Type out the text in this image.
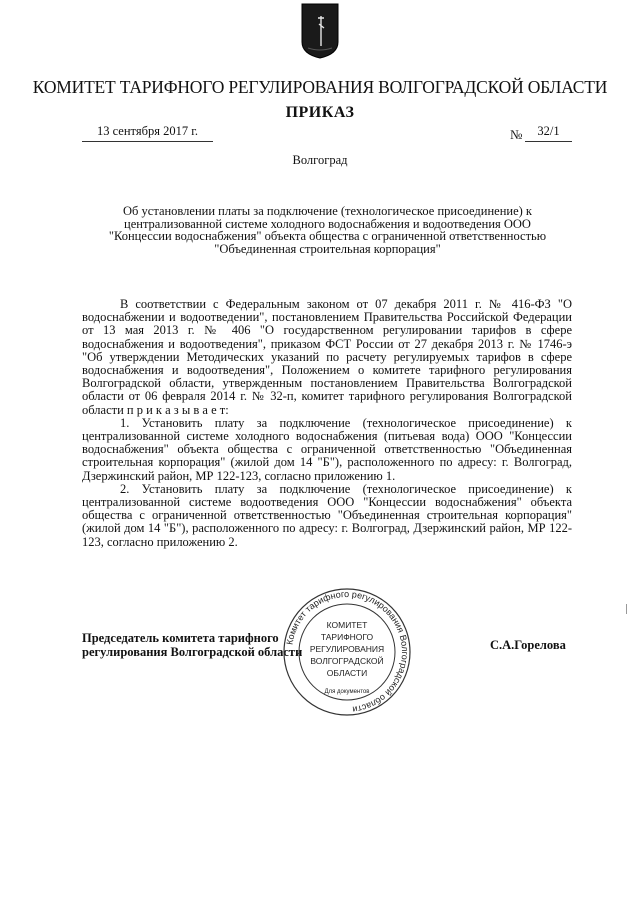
КОМИТЕТ ТАРИФНОГО РЕГУЛИРОВАНИЯ ВОЛГОГРАДСКОЙ ОБЛАСТИ
ПРИКАЗ
13 сентября 2017 г.	№	32/1
Волгоград
Об установлении платы за подключение (технологическое присоединение) к централизованной системе холодного водоснабжения и водоотведения ООО "Концессии водоснабжения" объекта общества с ограниченной ответственностью "Объединенная строительная корпорация"

В соответствии с Федеральным законом от 07 декабря 2011 г. № 416-ФЗ "О водоснабжении и водоотведении", постановлением Правительства Российской Федерации от 13 мая 2013 г. № 406 "О государственном регулировании тарифов в сфере водоснабжения и водоотведения", приказом ФСТ России от 27 декабря 2013 г. № 1746-э "Об утверждении Методических указаний по расчету регулируемых тарифов в сфере водоснабжения и водоотведения", Положением о комитете тарифного регулирования Волгоградской области, утвержденным постановлением Правительства Волгоградской области от 06 февраля 2014 г. № 32-п, комитет тарифного регулирования Волгоградской области п р и к а з ы в а е т:

1. Установить плату за подключение (технологическое присоединение) к централизованной системе холодного водоснабжения (питьевая вода) ООО "Концессии водоснабжения" объекта общества с ограниченной ответственностью "Объединенная строительная корпорация" (жилой дом 14 "Б"), расположенного по адресу: г. Волгоград, Дзержинский район, МР 122-123, согласно приложению 1.

2. Установить плату за подключение (технологическое присоединение) к централизованной системе водоотведения ООО "Концессии водоснабжения" объекта общества с ограниченной ответственностью "Объединенная строительная корпорация" (жилой дом 14 "Б"), расположенного по адресу: г. Волгоград, Дзержинский район, МР 122-123, согласно приложению 2.

Председатель комитета тарифного
регулирования Волгоградской области	С.А.Горелова
Комитет тарифного регулирования Волгоградской области
КОМИТЕТ
ТАРИФНОГО
РЕГУЛИРОВАНИЯ
ВОЛГОГРАДСКОЙ
ОБЛАСТИ
Для документов
